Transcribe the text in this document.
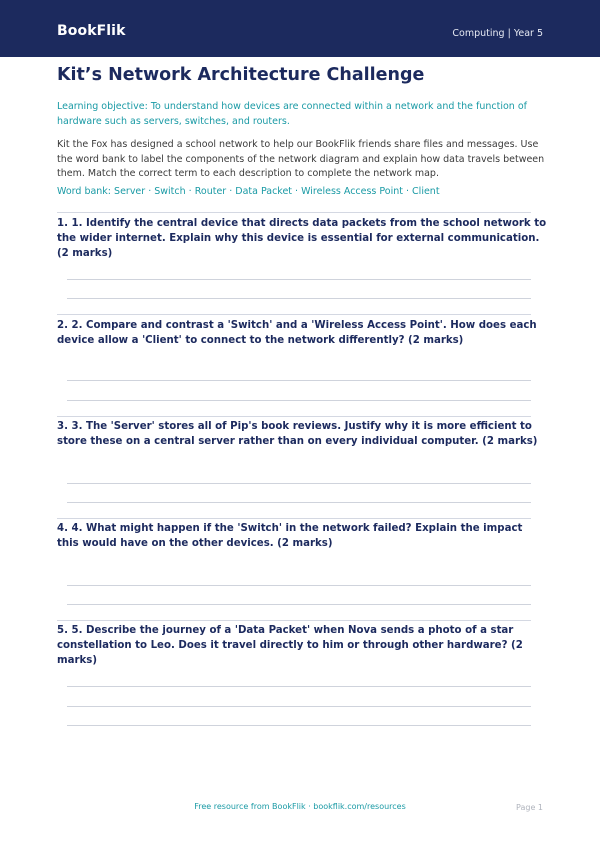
BookFlik	Computing | Year 5
Kit’s Network Architecture Challenge
Learning objective: To understand how devices are connected within a network and the function of hardware such as servers, switches, and routers.
Kit the Fox has designed a school network to help our BookFlik friends share files and messages. Use the word bank to label the components of the network diagram and explain how data travels between them. Match the correct term to each description to complete the network map.
Word bank: Server · Switch · Router · Data Packet · Wireless Access Point · Client
1. 1. Identify the central device that directs data packets from the school network to the wider internet. Explain why this device is essential for external communication. (2 marks)
2. 2. Compare and contrast a 'Switch' and a 'Wireless Access Point'. How does each device allow a 'Client' to connect to the network differently? (2 marks)
3. 3. The 'Server' stores all of Pip's book reviews. Justify why it is more efficient to store these on a central server rather than on every individual computer. (2 marks)
4. 4. What might happen if the 'Switch' in the network failed? Explain the impact this would have on the other devices. (2 marks)
5. 5. Describe the journey of a 'Data Packet' when Nova sends a photo of a star constellation to Leo. Does it travel directly to him or through other hardware? (2 marks)
Free resource from BookFlik · bookflik.com/resources	Page 1
